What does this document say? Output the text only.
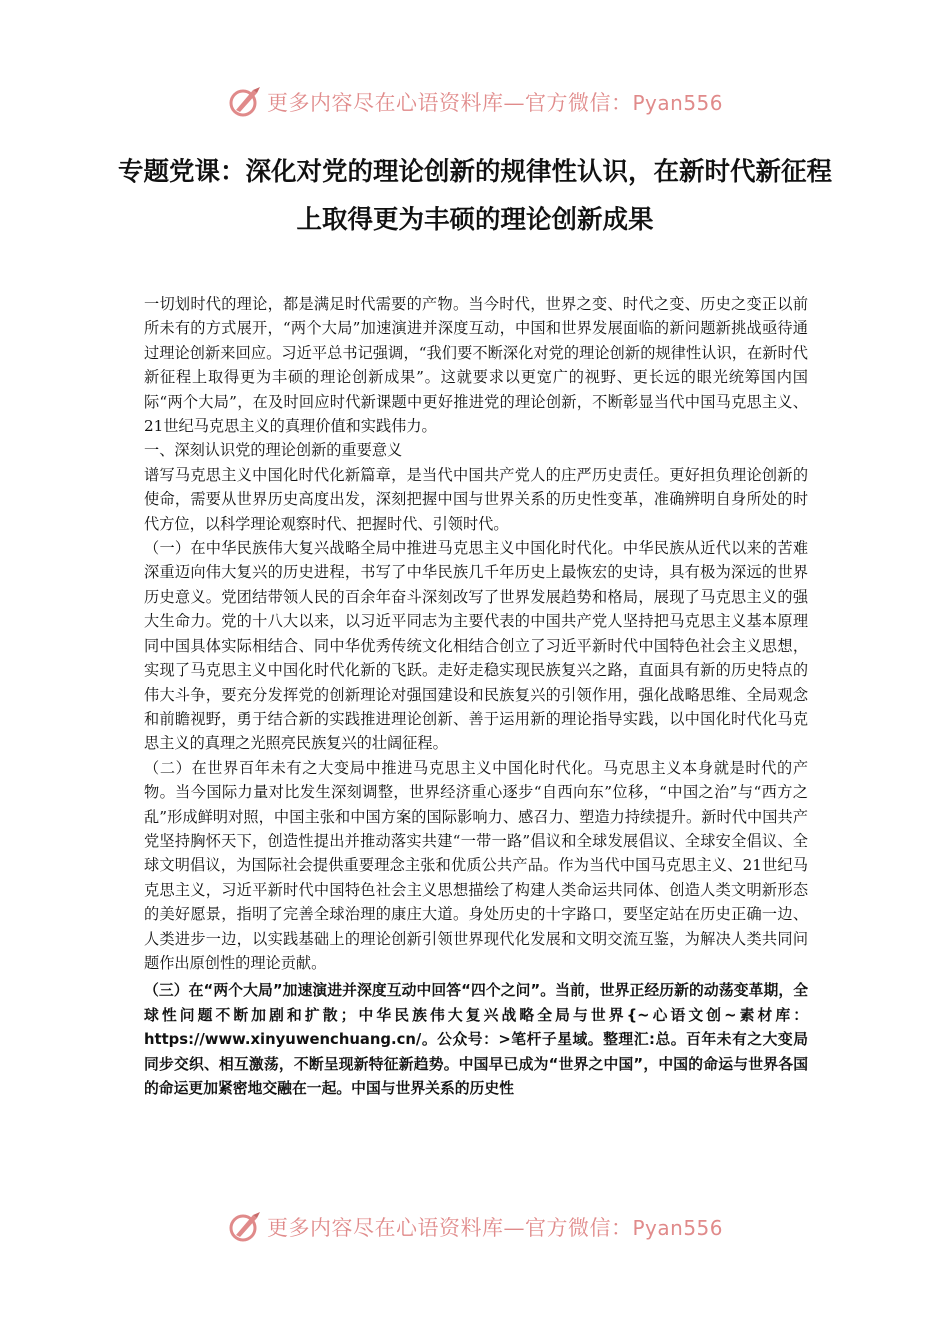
更多内容尽在心语资料库—官方微信：Pyan556
专题党课：深化对党的理论创新的规律性认识，在新时代新征程上取得更为丰硕的理论创新成果

一切划时代的理论，都是满足时代需要的产物。当今时代，世界之变、时代之变、历史之变正以前所未有的方式展开，“两个大局”加速演进并深度互动，中国和世界发展面临的新问题新挑战亟待通过理论创新来回应。习近平总书记强调，“我们要不断深化对党的理论创新的规律性认识，在新时代新征程上取得更为丰硕的理论创新成果”。这就要求以更宽广的视野、更长远的眼光统筹国内国际“两个大局”，在及时回应时代新课题中更好推进党的理论创新，不断彰显当代中国马克思主义、21世纪马克思主义的真理价值和实践伟力。

一、深刻认识党的理论创新的重要意义

谱写马克思主义中国化时代化新篇章，是当代中国共产党人的庄严历史责任。更好担负理论创新的使命，需要从世界历史高度出发，深刻把握中国与世界关系的历史性变革，准确辨明自身所处的时代方位，以科学理论观察时代、把握时代、引领时代。

（一）在中华民族伟大复兴战略全局中推进马克思主义中国化时代化。中华民族从近代以来的苦难深重迈向伟大复兴的历史进程，书写了中华民族几千年历史上最恢宏的史诗，具有极为深远的世界历史意义。党团结带领人民的百余年奋斗深刻改写了世界发展趋势和格局，展现了马克思主义的强大生命力。党的十八大以来，以习近平同志为主要代表的中国共产党人坚持把马克思主义基本原理同中国具体实际相结合、同中华优秀传统文化相结合创立了习近平新时代中国特色社会主义思想，实现了马克思主义中国化时代化新的飞跃。走好走稳实现民族复兴之路，直面具有新的历史特点的伟大斗争，要充分发挥党的创新理论对强国建设和民族复兴的引领作用，强化战略思维、全局观念和前瞻视野，勇于结合新的实践推进理论创新、善于运用新的理论指导实践，以中国化时代化马克思主义的真理之光照亮民族复兴的壮阔征程。

（二）在世界百年未有之大变局中推进马克思主义中国化时代化。马克思主义本身就是时代的产物。当今国际力量对比发生深刻调整，世界经济重心逐步“自西向东”位移，“中国之治”与“西方之乱”形成鲜明对照，中国主张和中国方案的国际影响力、感召力、塑造力持续提升。新时代中国共产党坚持胸怀天下，创造性提出并推动落实共建“一带一路”倡议和全球发展倡议、全球安全倡议、全球文明倡议，为国际社会提供重要理念主张和优质公共产品。作为当代中国马克思主义、21世纪马克思主义，习近平新时代中国特色社会主义思想描绘了构建人类命运共同体、创造人类文明新形态的美好愿景，指明了完善全球治理的康庄大道。身处历史的十字路口，要坚定站在历史正确一边、人类进步一边，以实践基础上的理论创新引领世界现代化发展和文明交流互鉴，为解决人类共同问题作出原创性的理论贡献。

（三）在“两个大局”加速演进并深度互动中回答“四个之问”。当前，世界正经历新的动荡变革期，全球性问题不断加剧和扩散；中华民族伟大复兴战略全局与世界{~心语文创~素材库：https://www.xinyuwenchuang.cn/。公众号：>笔杆子星域。整理汇:总。百年未有之大变局同步交织、相互激荡，不断呈现新特征新趋势。中国早已成为“世界之中国”，中国的命运与世界各国的命运更加紧密地交融在一起。中国与世界关系的历史性

更多内容尽在心语资料库—官方微信：Pyan556
